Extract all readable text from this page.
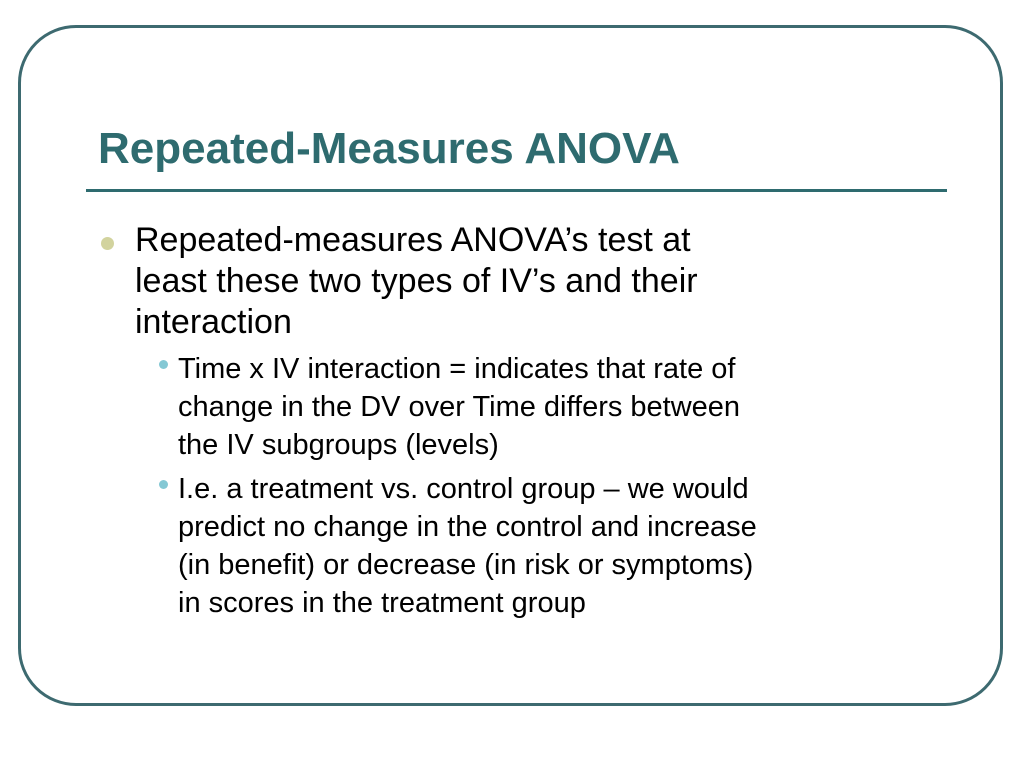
Repeated-Measures ANOVA
Repeated-measures ANOVA’s test at
least these two types of IV’s and their
interaction
Time x IV interaction = indicates that rate of
change in the DV over Time differs between
the IV subgroups (levels)
I.e. a treatment vs. control group – we would
predict no change in the control and increase
(in benefit) or decrease (in risk or symptoms)
in scores in the treatment group
